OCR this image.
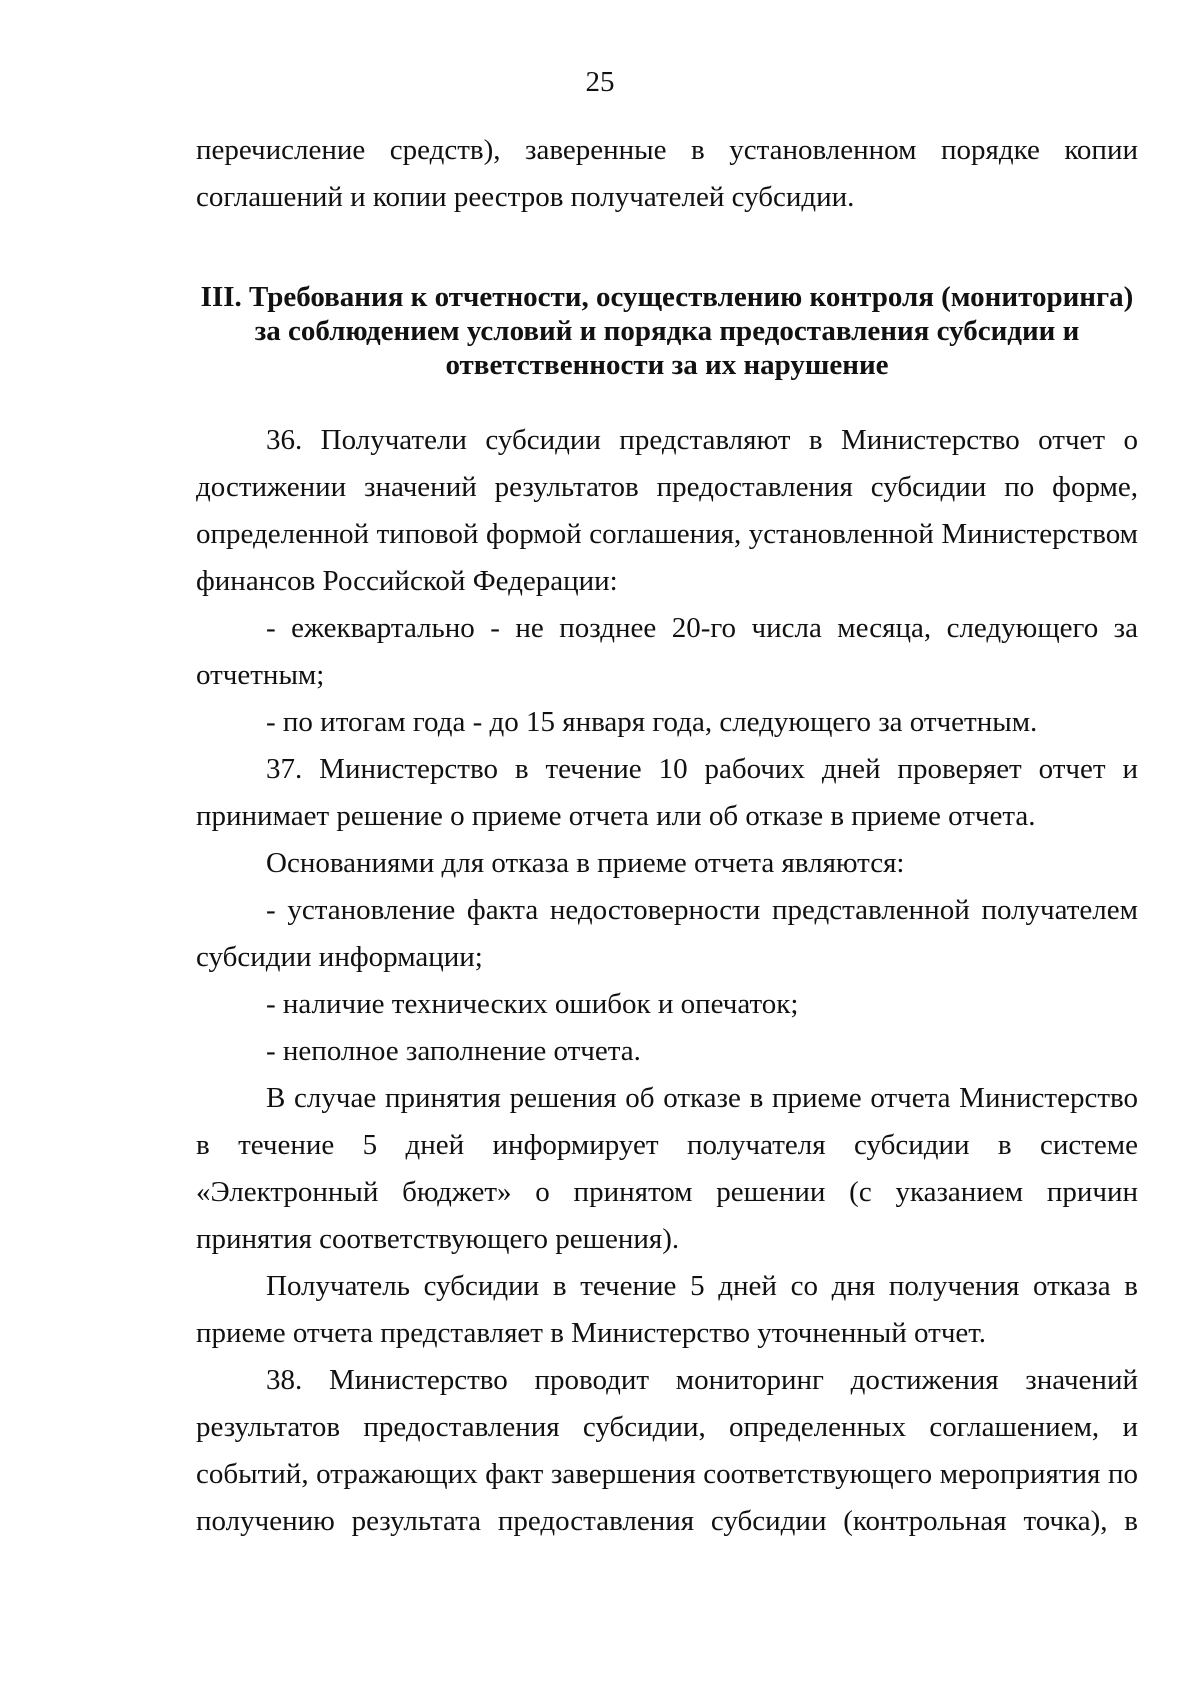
25

перечисление средств), заверенные в установленном порядке копии соглашений и копии реестров получателей субсидии.

III. Требования к отчетности, осуществлению контроля (мониторинга) за соблюдением условий и порядка предоставления субсидии и ответственности за их нарушение

36. Получатели субсидии представляют в Министерство отчет о достижении значений результатов предоставления субсидии по форме, определенной типовой формой соглашения, установленной Министерством финансов Российской Федерации:

- ежеквартально - не позднее 20-го числа месяца, следующего за отчетным;

- по итогам года - до 15 января года, следующего за отчетным.

37. Министерство в течение 10 рабочих дней проверяет отчет и принимает решение о приеме отчета или об отказе в приеме отчета.

Основаниями для отказа в приеме отчета являются:

- установление факта недостоверности представленной получателем субсидии информации;

- наличие технических ошибок и опечаток;

- неполное заполнение отчета.

В случае принятия решения об отказе в приеме отчета Министерство в течение 5 дней информирует получателя субсидии в системе «Электронный бюджет» о принятом решении (с указанием причин принятия соответствующего решения).

Получатель субсидии в течение 5 дней со дня получения отказа в приеме отчета представляет в Министерство уточненный отчет.

38. Министерство проводит мониторинг достижения значений результатов предоставления субсидии, определенных соглашением, и событий, отражающих факт завершения соответствующего мероприятия по получению результата предоставления субсидии (контрольная точка), в
